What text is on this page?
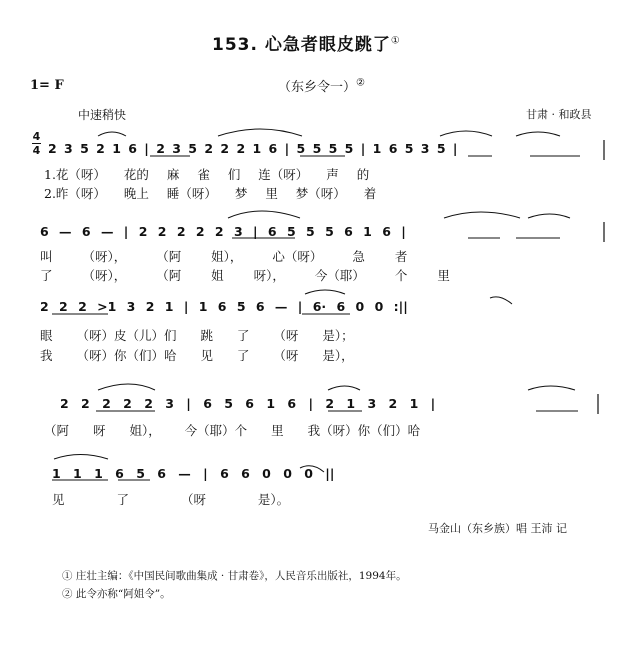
153. 心急者眼皮跳了①
1= F	（东乡令一）②
中速稍快	甘肃 · 和政县
4
4 2 3 5 2 1 6 | 2 3 5 2 2 2 1 6 | 5 5 5 5 | 1 6 5 3 5 |
1.花（呀） 花的 麻 雀 们 连（呀） 声 的
2.昨（呀） 晚上 睡（呀） 梦 里 梦（呀） 着
6 — 6 — | 2 2 2 2 2 3 | 6 5 5 5 6 1 6 |
叫 （呀）， （阿 姐）， 心（呀） 急 者
了 （呀）， （阿 姐 呀）， 今（耶） 个 里
2 2 2 >1 3 2 1 | 1 6 5 6 — | 6· 6 0 0 :||
眼 （呀）皮（儿）们 跳 了 （呀 是）；
我 （呀）你（们）哈 见 了 （呀 是），
2 2 2 2 2 3 | 6 5 6 1 6 | 2 1 3 2 1 |
（阿 呀 姐）， 今（耶）个 里 我（呀）你（们）哈
1 1 1 6 5 6 — | 6 6 0 0 0 ||
见 了 （呀 是）。
马金山（东乡族）唱 王沛 记
① 庄壮主编：《中国民间歌曲集成 · 甘肃卷》，人民音乐出版社，1994年。
② 此令亦称“阿姐令”。
